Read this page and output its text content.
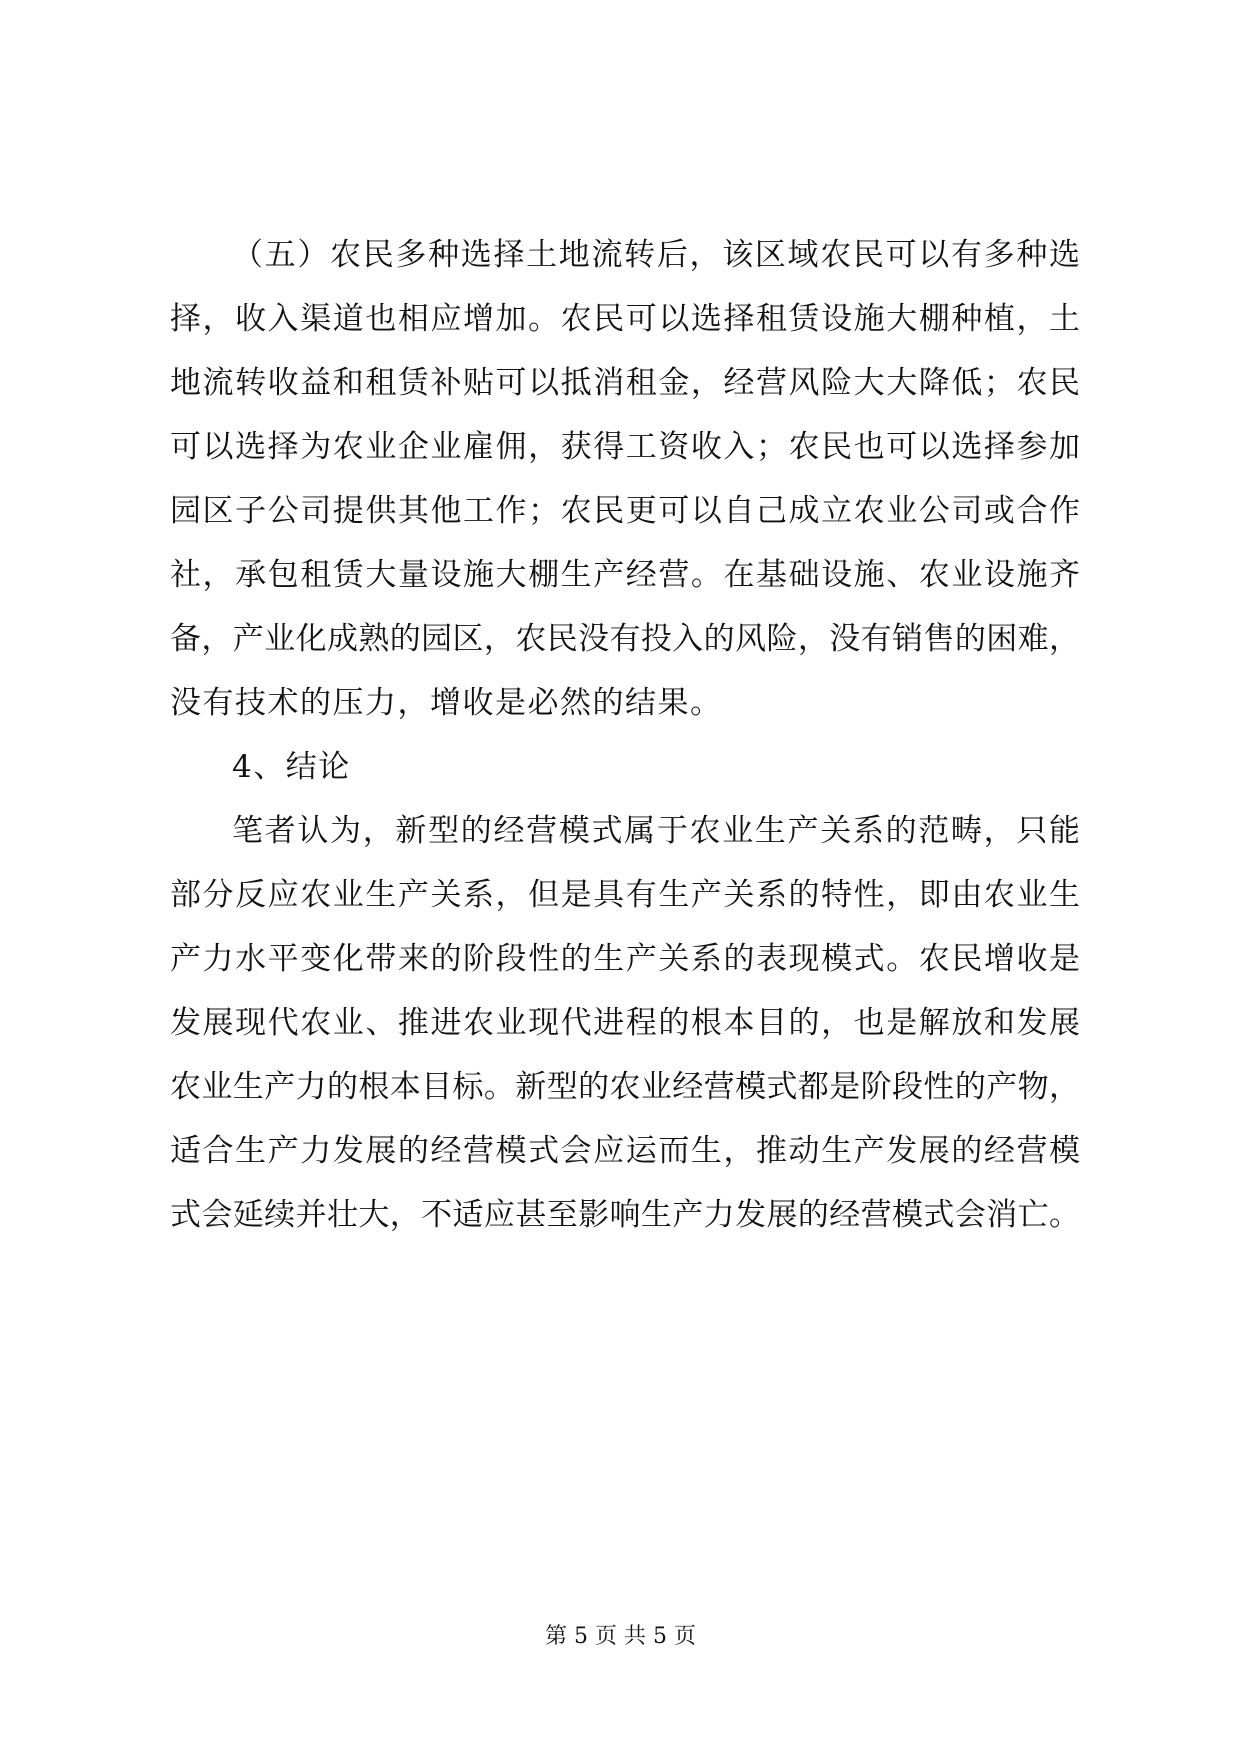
（五）农民多种选择土地流转后，该区域农民可以有多种选
择，收入渠道也相应增加。农民可以选择租赁设施大棚种植，土
地流转收益和租赁补贴可以抵消租金，经营风险大大降低；农民
可以选择为农业企业雇佣，获得工资收入；农民也可以选择参加
园区子公司提供其他工作；农民更可以自己成立农业公司或合作
社，承包租赁大量设施大棚生产经营。在基础设施、农业设施齐
备，产业化成熟的园区，农民没有投入的风险，没有销售的困难，
没有技术的压力，增收是必然的结果。
4、结论
笔者认为，新型的经营模式属于农业生产关系的范畴，只能
部分反应农业生产关系，但是具有生产关系的特性，即由农业生
产力水平变化带来的阶段性的生产关系的表现模式。农民增收是
发展现代农业、推进农业现代进程的根本目的，也是解放和发展
农业生产力的根本目标。新型的农业经营模式都是阶段性的产物，
适合生产力发展的经营模式会应运而生，推动生产发展的经营模
式会延续并壮大，不适应甚至影响生产力发展的经营模式会消亡。
第 5 页 共 5 页
